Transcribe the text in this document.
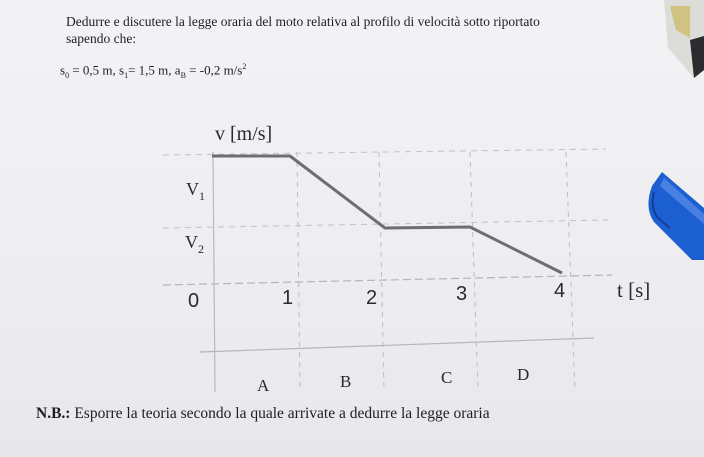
Dedurre e discutere la legge oraria del moto relativa al profilo di velocità sotto riportato
sapendo che:
$s_0 = 0,5$ m, $s_1= 1,5$ m, $a_B = -0,2$ $m/s^2$
v [m/s]
t [s]
$V_1$
$V_2$
0	1	2	3	4
A	B	C	D
N.B.: Esporre la teoria secondo la quale arrivate a dedurre la legge oraria
